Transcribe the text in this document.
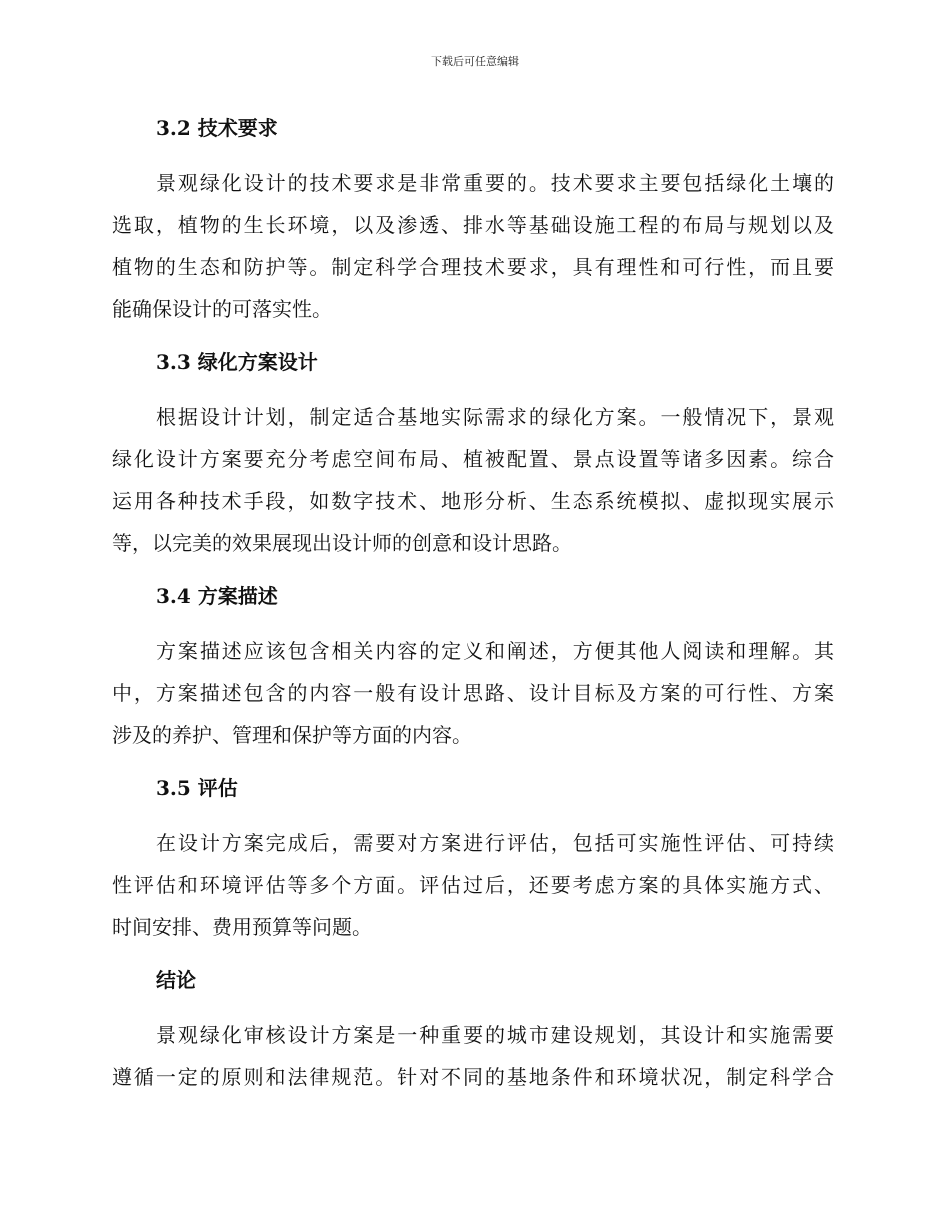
下载后可任意编辑
3.2 技术要求

景观绿化设计的技术要求是非常重要的。技术要求主要包括绿化土壤的
选取，植物的生长环境，以及渗透、排水等基础设施工程的布局与规划以及
植物的生态和防护等。制定科学合理技术要求，具有理性和可行性，而且要
能确保设计的可落实性。

3.3 绿化方案设计

根据设计计划，制定适合基地实际需求的绿化方案。一般情况下，景观
绿化设计方案要充分考虑空间布局、植被配置、景点设置等诸多因素。综合
运用各种技术手段，如数字技术、地形分析、生态系统模拟、虚拟现实展示
等，以完美的效果展现出设计师的创意和设计思路。

3.4 方案描述

方案描述应该包含相关内容的定义和阐述，方便其他人阅读和理解。其
中，方案描述包含的内容一般有设计思路、设计目标及方案的可行性、方案
涉及的养护、管理和保护等方面的内容。

3.5 评估

在设计方案完成后，需要对方案进行评估，包括可实施性评估、可持续
性评估和环境评估等多个方面。评估过后，还要考虑方案的具体实施方式、
时间安排、费用预算等问题。

结论

景观绿化审核设计方案是一种重要的城市建设规划，其设计和实施需要
遵循一定的原则和法律规范。针对不同的基地条件和环境状况，制定科学合
